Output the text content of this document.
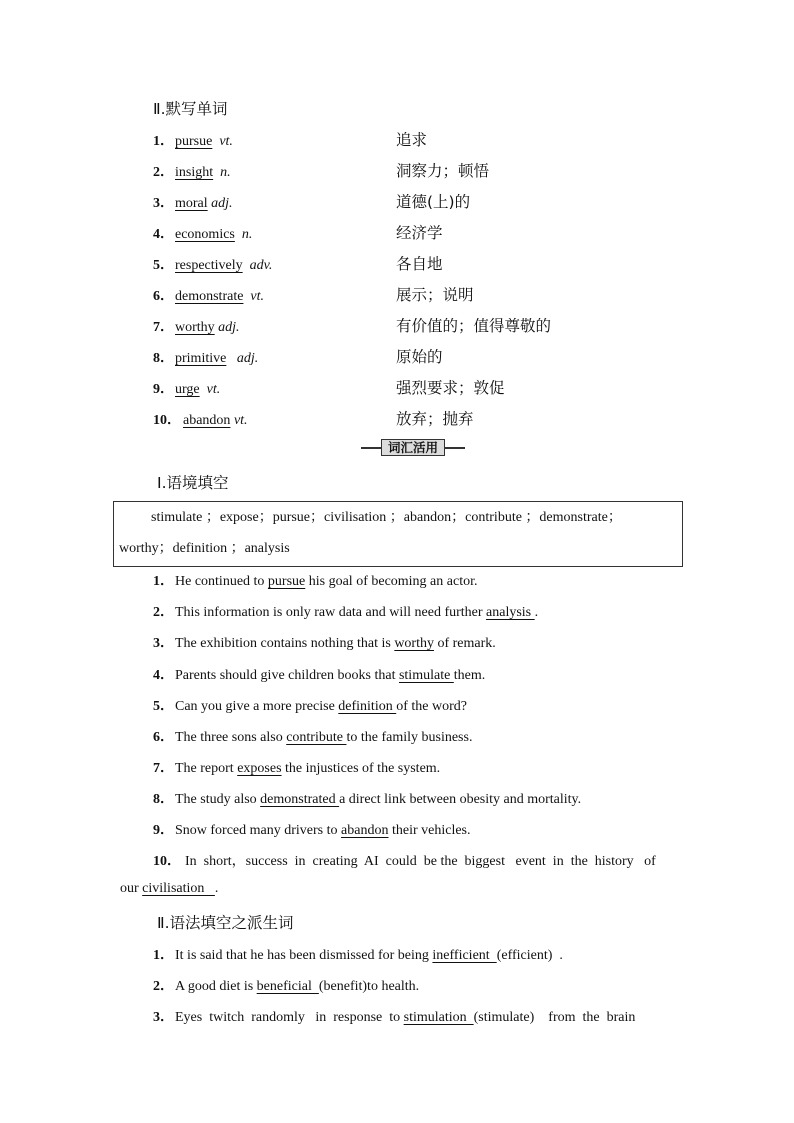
Ⅱ.默写单词
1．pursue vt.	追求
2．insight n.	洞察力；顿悟
3．moral adj.	道德(上)的
4．economics n.	经济学
5．respectively adv.	各自地
6．demonstrate vt.	展示；说明
7．worthy adj.	有价值的；值得尊敬的
8．primitive adj.	原始的
9．urge vt.	强烈要求；敦促
10． abandon vt.	放弃；抛弃
词汇活用
Ⅰ.语境填空
stimulate ；expose；pursue；civilisation ；abandon；contribute ；demonstrate；
worthy；definition ；analysis
1．He continued to pursue his goal of becoming an actor.
2．This information is only raw data and will need further analysis .
3．The exhibition contains nothing that is worthy of remark.
4．Parents should give children books that stimulate them.
5．Can you give a more precise definition of the word?
6．The three sons also contribute to the family business.
7．The report exposes the injustices of the system.
8．The study also demonstrated a direct link between obesity and mortality.
9．Snow forced many drivers to abandon their vehicles.
10． In  short，success  in  creating  AI  could  be the  biggest   event  in  the  history   of
our civilisation   .
Ⅱ.语法填空之派生词
1．It is said that he has been dismissed for being inefficient  (efficient)  .
2．A good diet is beneficial  (benefit)to health.
3．Eyes  twitch  randomly   in  response  to stimulation  (stimulate)    from  the  brain
